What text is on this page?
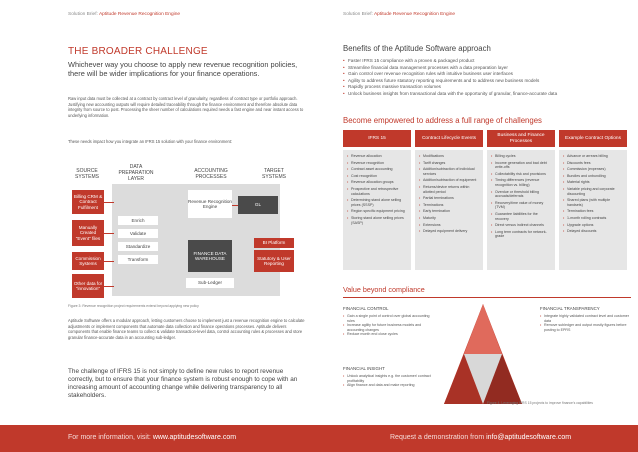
Solution Brief: Aptitude Revenue Recognition Engine
THE BROADER CHALLENGE
Whichever way you choose to apply new revenue recognition policies, there will be wider implications for your finance operations.
Raw input data must be collected at a contract by contract level of granularity, regardless of contract type or portfolio approach. Justifying new accounting outputs will require detailed traceability through the finance environment and therefore absolute data integrity from source to post. Processing the sheer number of calculations required needs a fast engine and near instant access to underlying information.
These needs impact how you integrate an IFRS 15 solution with your finance environment:
SOURCE SYSTEMS
DATA PREPARATION LAYER
ACCOUNTING PROCESSES
TARGET SYSTEMS
Billing CRM & Contract Fulfilment
Manually Created "Event" files
Commission Systems
Other data for "innovation"
Enrich
Validate
Standardize
Transform
Revenue Recognition Engine
FINANCE DATA WAREHOUSE
Sub-Ledger
GL
BI Platform
Statutory & User Reporting
Figure 3: Revenue recognition project requirements extend beyond applying new policy
Aptitude Software offers a modular approach, letting customers choose to implement just a revenue recognition engine to calculate adjustments or implement components that automate data collection and finance operations processes. Aptitude delivers components that enable finance teams to collect & validate transaction-level data, control accounting rules & processes and store granular finance-accurate data in an accounting sub-ledger.
The challenge of IFRS 15 is not simply to define new rules to report revenue correctly, but to ensure that your finance system is robust enough to cope with an increasing amount of accounting change while delivering transparency to all stakeholders.
Solution Brief: Aptitude Revenue Recognition Engine
Benefits of the Aptitude Software approach
• Faster IFRS 15 compliance with a proven & packaged product
• Streamline financial data management processes with a data preparation layer
• Gain control over revenue recognition rules with intuitive business user interfaces
• Agility to address future statutory reporting requirements and to address new business models
• Rapidly process massive transaction volumes
• Unlock business insights from transactional data with the opportunity of granular, finance-accurate data
Become empowered to address a full range of challenges
IFRS 15	Contract Lifecycle Events
Business and Finance Processes
Example Contract Options
• Revenue allocation
• Revenue recognition
• Contract asset accounting
• Cost recognition
• Revenue allocation groups
• Prospective and retrospective calculations
• Determining stand alone selling prices (SSSP)
• Region specific equipment pricing
• Storing stand alone selling prices (SASP)
• Modifications
• Tariff changes
• Addition/subtraction of individual services
• Addition/subtraction of equipment
• Returns/device returns within allotted period
• Partial terminations
• Terminations
• Early termination
• Maturity
• Extensions
• Delayed equipment delivery
• Billing cycles
• Income generation and bad debt write-offs
• Collectability risk and provisions
• Timing differences (revenue recognition vs. billing)
• Overdue or threshold billing accruals/deferrals
• Recovery/time value of money (TVM)
• Guarantee liabilities for the recovery
• Direct versus indirect channels
• Long term contracts for network-grade
• Advance or arrears billing
• Discounts fees
• Commission (expenses)
• Bundles and unbundling
• Material rights
• Variable pricing and corporate discounting
• Shared plans (with multiple handsets)
• Termination fees
• 1-month rolling contracts
• Upgrade options
• Delayed discounts
Value beyond compliance
FINANCIAL CONTROL
• Gain a single point of control over global accounting rules
• Increase agility for future business models and accounting changes
• Reduce month end close cycles
FINANCIAL TRANSPARENCY
• Integrate highly validated contract level and customer data
• Remove subledger and output mostly figures before posting to EPRS
FINANCIAL INSIGHT
• Unlock analytical insights e.g. the customer/ contract profitability
• Align finance and data and make reporting
Figure 4: Leveraging IFRS 15 projects to improve finance's capabilities
For more information, visit: www.aptitudesoftware.com	Request a demonstration from info@aptitudesoftware.com
